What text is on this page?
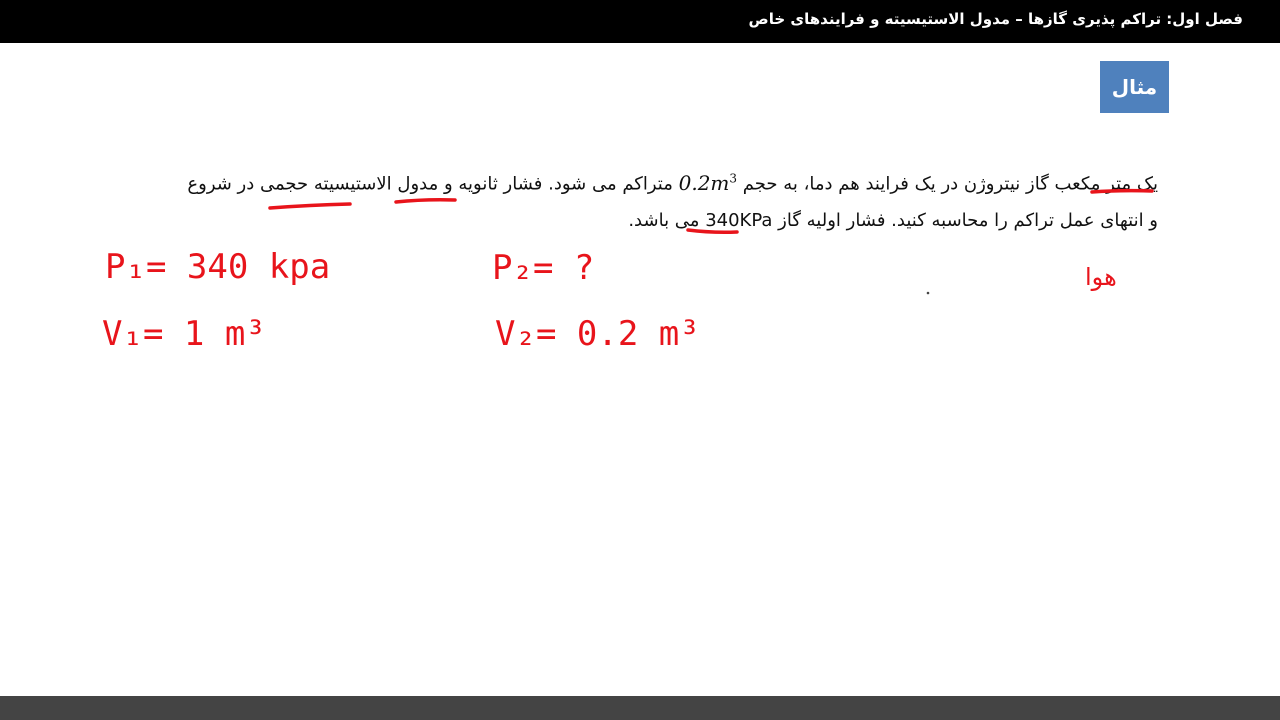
فصل اول: تراکم پذیری گازها – مدول الاستیسیته و فرایندهای خاص
مثال
یک متر مکعب گاز نیتروژن در یک فرایند هم دما، به حجم $0.2m^3$ متراکم می شود. فشار ثانویه و مدول الاستیسیته حجمی در شروع
و انتهای عمل تراکم را محاسبه کنید. فشار اولیه گاز 340KPa می باشد.
P₁= 340 kpa
V₁= 1 m³
P₂= ?
V₂= 0.2 m³
هوا
